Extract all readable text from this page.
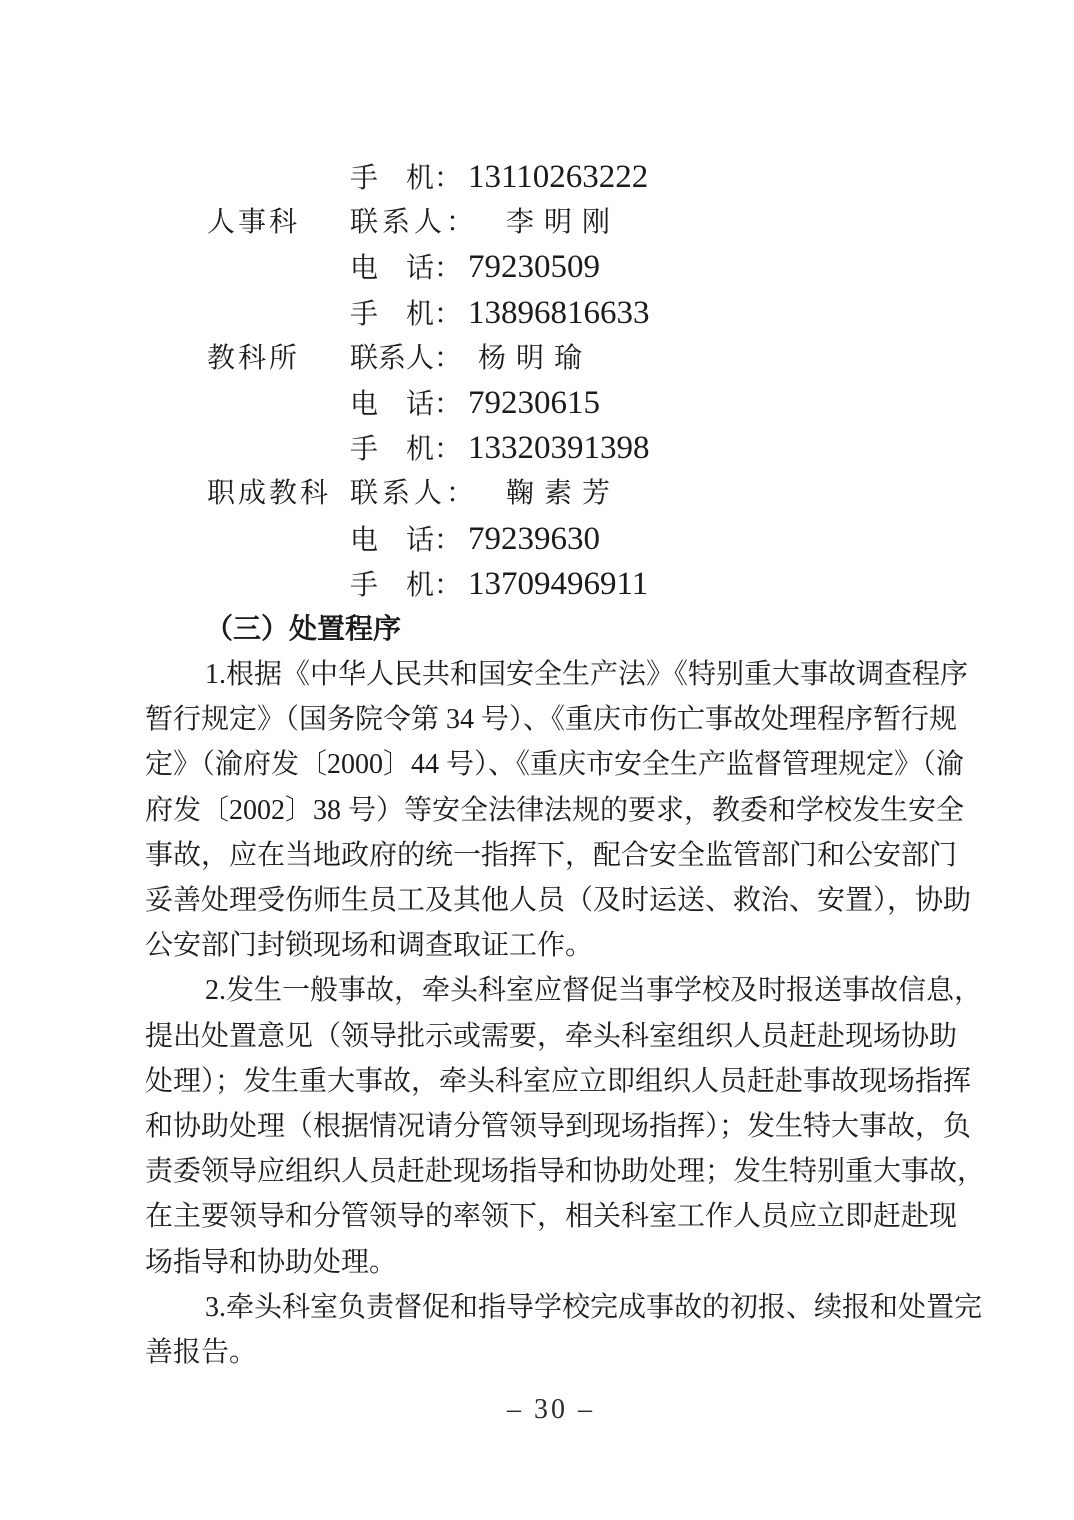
手　机： 13110263222
人事科 联系人： 李明刚
电　话： 79230509
手　机： 13896816633
教科所 联系人： 杨明瑜
电　话： 79230615
手　机： 13320391398
职成教科 联系人： 鞠素芳
电　话： 79239630
手　机： 13709496911
（三）处置程序
1.根据《中华人民共和国安全生产法》《特别重大事故调查程序
暂行规定》（国务院令第 34 号）、《重庆市伤亡事故处理程序暂行规
定》（渝府发〔2000〕44 号）、《重庆市安全生产监督管理规定》（渝
府发〔2002〕38 号）等安全法律法规的要求，教委和学校发生安全
事故，应在当地政府的统一指挥下，配合安全监管部门和公安部门
妥善处理受伤师生员工及其他人员（及时运送、救治、安置），协助
公安部门封锁现场和调查取证工作。
2.发生一般事故，牵头科室应督促当事学校及时报送事故信息，
提出处置意见（领导批示或需要，牵头科室组织人员赶赴现场协助
处理）；发生重大事故，牵头科室应立即组织人员赶赴事故现场指挥
和协助处理（根据情况请分管领导到现场指挥）；发生特大事故，负
责委领导应组织人员赶赴现场指导和协助处理；发生特别重大事故，
在主要领导和分管领导的率领下，相关科室工作人员应立即赶赴现
场指导和协助处理。
3.牵头科室负责督促和指导学校完成事故的初报、续报和处置完
善报告。
– 30 –
